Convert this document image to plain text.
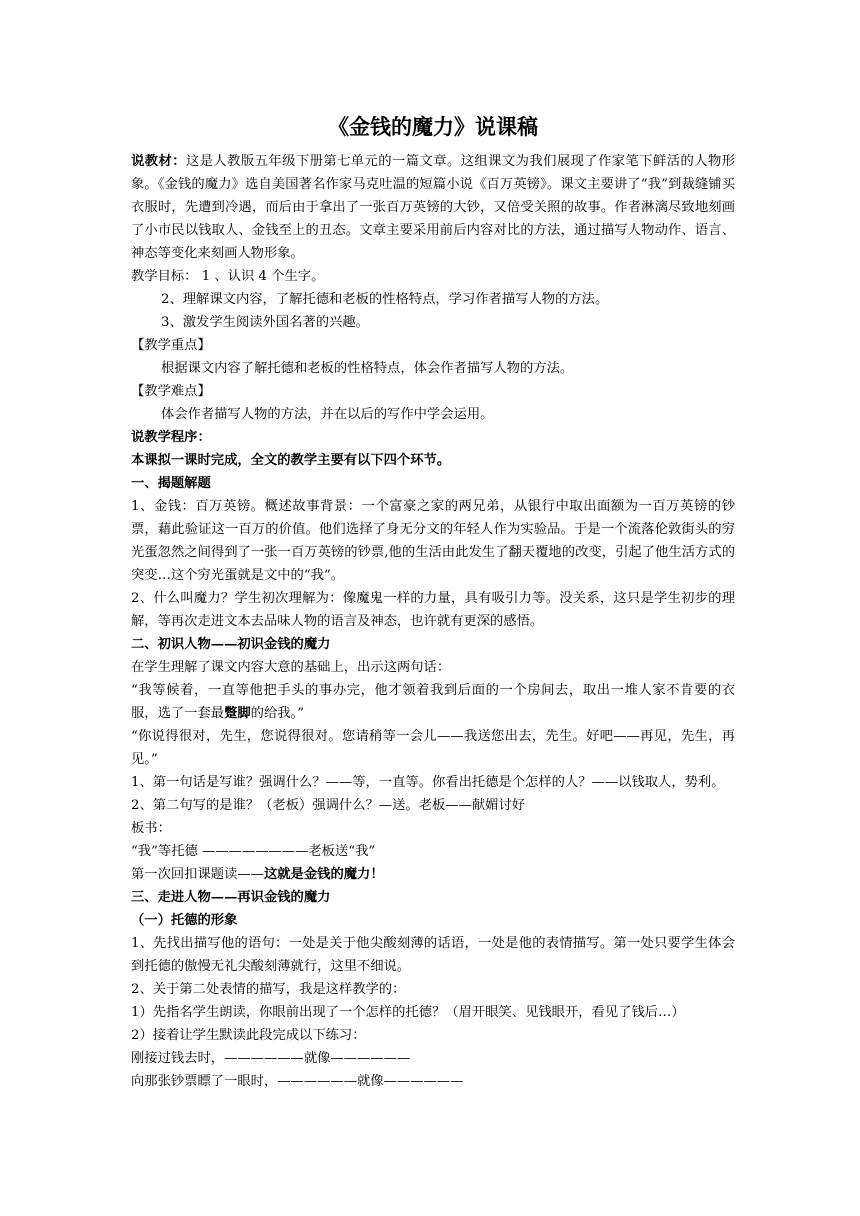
《金钱的魔力》说课稿

说教材：这是人教版五年级下册第七单元的一篇文章。这组课文为我们展现了作家笔下鲜活的人物形象。《金钱的魔力》选自美国著名作家马克吐温的短篇小说《百万英镑》。课文主要讲了“我”到裁缝铺买衣服时，先遭到冷遇，而后由于拿出了一张百万英镑的大钞，又倍受关照的故事。作者淋漓尽致地刻画了小市民以钱取人、金钱至上的丑态。文章主要采用前后内容对比的方法，通过描写人物动作、语言、神态等变化来刻画人物形象。

教学目标： 1 、认识 4 个生字。

2、理解课文内容，了解托德和老板的性格特点，学习作者描写人物的方法。

3、激发学生阅读外国名著的兴趣。

【教学重点】

根据课文内容了解托德和老板的性格特点，体会作者描写人物的方法。

【教学难点】

体会作者描写人物的方法，并在以后的写作中学会运用。

说教学程序：

本课拟一课时完成，全文的教学主要有以下四个环节。

一、揭题解题

1、金钱：百万英镑。概述故事背景：一个富豪之家的两兄弟，从银行中取出面额为一百万英镑的钞票，藉此验证这一百万的价值。他们选择了身无分文的年轻人作为实验品。于是一个流落伦敦街头的穷光蛋忽然之间得到了一张一百万英镑的钞票,他的生活由此发生了翻天覆地的改变，引起了他生活方式的突变…这个穷光蛋就是文中的“我”。

2、什么叫魔力？学生初次理解为：像魔鬼一样的力量，具有吸引力等。没关系，这只是学生初步的理解，等再次走进文本去品味人物的语言及神态，也许就有更深的感悟。

二、初识人物——初识金钱的魔力

在学生理解了课文内容大意的基础上，出示这两句话：

“我等候着，一直等他把手头的事办完，他才领着我到后面的一个房间去，取出一堆人家不肯要的衣服，选了一套最蹩脚的给我。”

“你说得很对，先生，您说得很对。您请稍等一会儿——我送您出去，先生。好吧——再见，先生，再见。”

1、第一句话是写谁？强调什么？——等，一直等。你看出托德是个怎样的人？——以钱取人，势利。

2、第二句写的是谁？（老板）强调什么？—送。老板——献媚讨好

板书：

“我”等托德 ————————老板送“我”

第一次回扣课题读——这就是金钱的魔力！

三、走进人物——再识金钱的魔力

（一）托德的形象

1、先找出描写他的语句：一处是关于他尖酸刻薄的话语，一处是他的表情描写。第一处只要学生体会到托德的傲慢无礼尖酸刻薄就行，这里不细说。

2、关于第二处表情的描写，我是这样教学的：

1）先指名学生朗读，你眼前出现了一个怎样的托德？（眉开眼笑、见钱眼开，看见了钱后…）

2）接着让学生默读此段完成以下练习：

刚接过钱去时，——————就像——————

向那张钞票瞟了一眼时，——————就像——————
